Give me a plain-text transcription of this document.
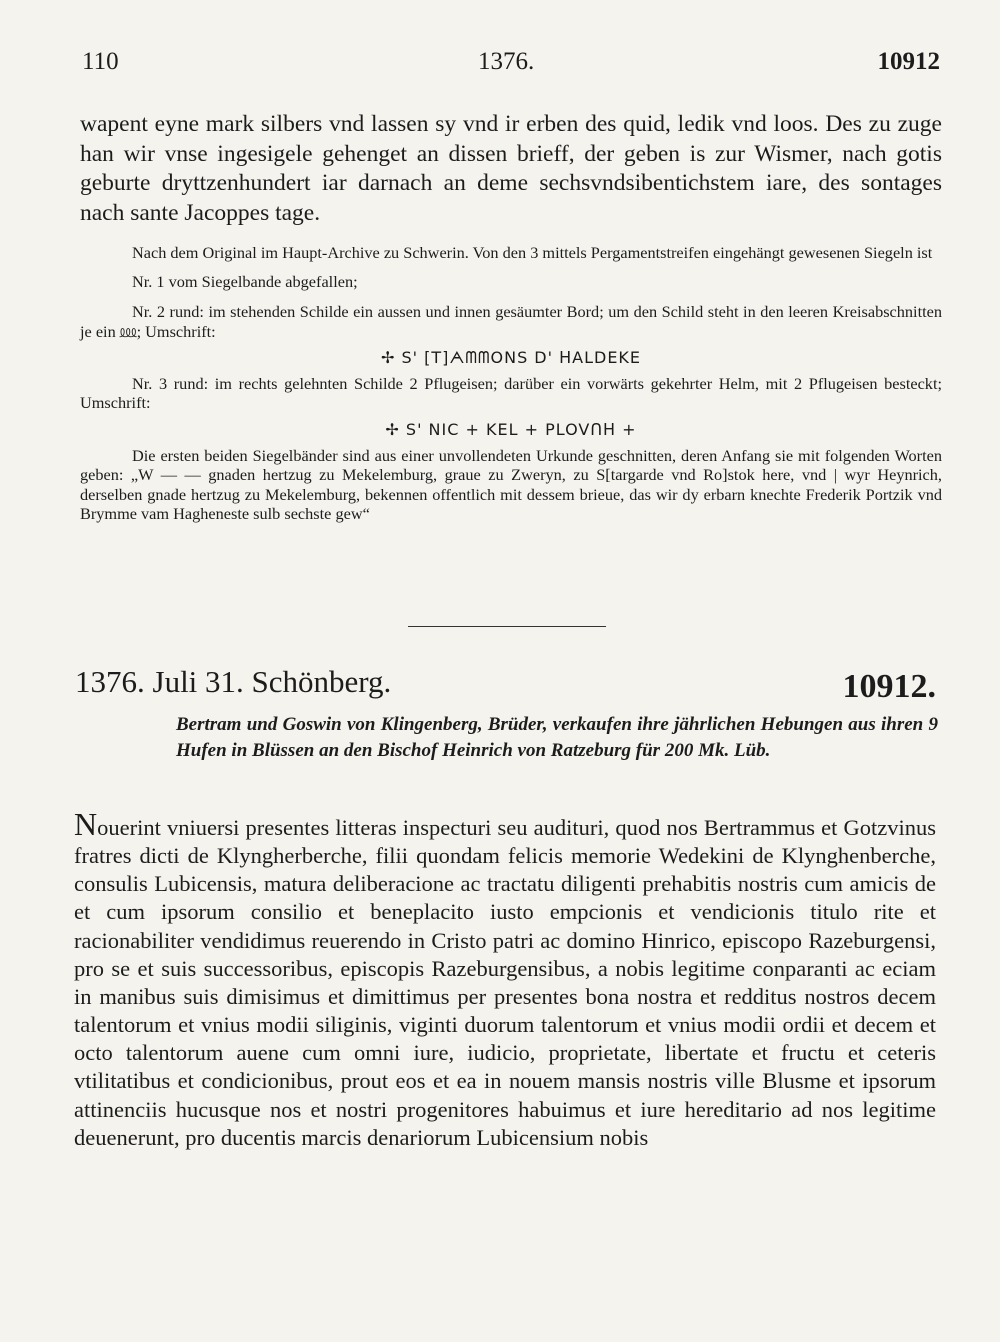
110	1376.	10912

wapent eyne mark silbers vnd lassen sy vnd ir erben des quid, ledik vnd loos. Des zu zuge han wir vnse ingesigele gehenget an dissen brieff, der geben is zur Wismer, nach gotis geburte dryttzenhundert iar darnach an deme sechsvndsibentichstem iare, des sontages nach sante Jacoppes tage.

Nach dem Original im Haupt-Archive zu Schwerin. Von den 3 mittels Pergamentstreifen eingehängt gewesenen Siegeln ist

Nr. 1 vom Siegelbande abgefallen;

Nr. 2 rund: im stehenden Schilde ein aussen und innen gesäumter Bord; um den Schild steht in den leeren Kreisabschnitten je ein ⅏; Umschrift:

✢ S' [T]ᗅᗰᗰONS D' ᕼALDEKE

Nr. 3 rund: im rechts gelehnten Schilde 2 Pflugeisen; darüber ein vorwärts gekehrter Helm, mit 2 Pflugeisen besteckt; Umschrift:

✢ S' NIC + KEL + PLOVᑎᕼ +

Die ersten beiden Siegelbänder sind aus einer unvollendeten Urkunde geschnitten, deren Anfang sie mit folgenden Worten geben: „W — — gnaden hertzug zu Mekelemburg, graue zu Zweryn, zu S[targarde vnd Ro]stok here, vnd | wyr Heynrich, derselben gnade hertzug zu Mekelemburg, bekennen offentlich mit dessem brieue, das wir dy erbarn knechte Frederik Portzik vnd Brymme vam Hagheneste sulb sechste gew“

1376. Juli 31. Schönberg.	10912.

Bertram und Goswin von Klingenberg, Brüder, verkaufen ihre jährlichen Hebungen aus ihren 9 Hufen in Blüssen an den Bischof Heinrich von Ratzeburg für 200 Mk. Lüb.

Nouerint vniuersi presentes litteras inspecturi seu audituri, quod nos Bertrammus et Gotzvinus fratres dicti de Klyngherberche, filii quondam felicis memorie Wedekini de Klynghenberche, consulis Lubicensis, matura deliberacione ac tractatu diligenti prehabitis nostris cum amicis de et cum ipsorum consilio et beneplacito iusto empcionis et vendicionis titulo rite et racionabiliter vendidimus reuerendo in Cristo patri ac domino Hinrico, episcopo Razeburgensi, pro se et suis successoribus, episcopis Razeburgensibus, a nobis legitime conparanti ac eciam in manibus suis dimisimus et dimittimus per presentes bona nostra et redditus nostros decem talentorum et vnius modii siliginis, viginti duorum talentorum et vnius modii ordii et decem et octo talentorum auene cum omni iure, iudicio, proprietate, libertate et fructu et ceteris vtilitatibus et condicionibus, prout eos et ea in nouem mansis nostris ville Blusme et ipsorum attinenciis hucusque nos et nostri progenitores habuimus et iure hereditario ad nos legitime deuenerunt, pro ducentis marcis denariorum Lubicensium nobis
